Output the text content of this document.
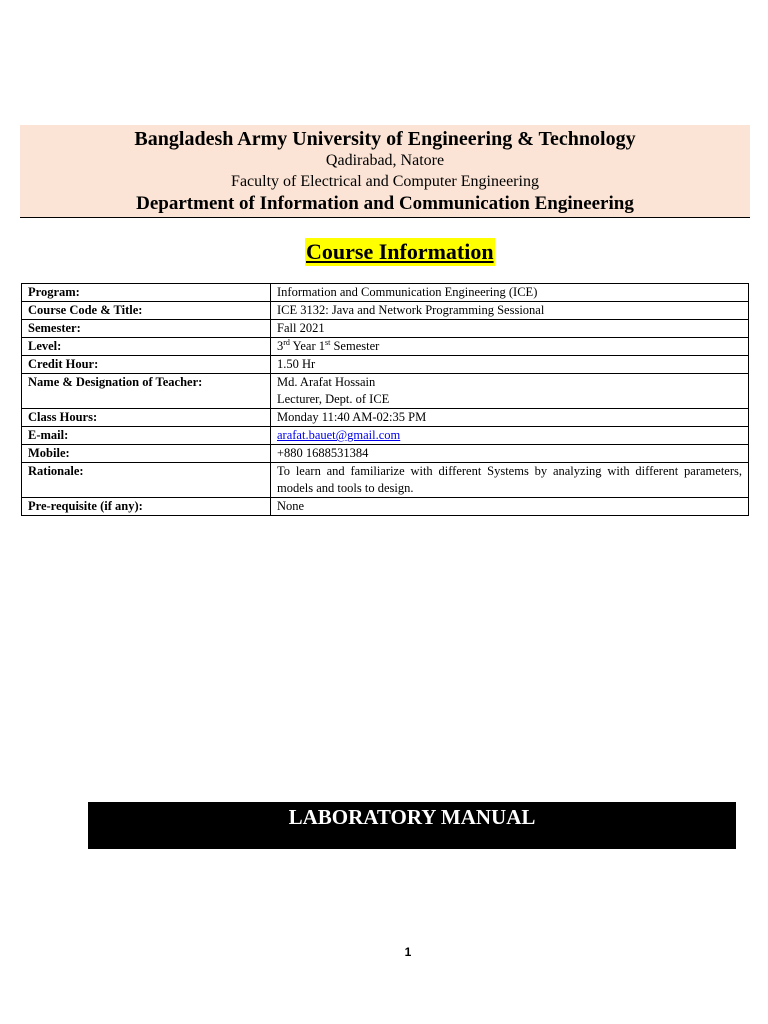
Bangladesh Army University of Engineering & Technology
Qadirabad, Natore
Faculty of Electrical and Computer Engineering
Department of Information and Communication Engineering
Course Information
Program:	Information and Communication Engineering (ICE)
Course Code & Title:	ICE 3132: Java and Network Programming Sessional
Semester:	Fall 2021
Level:	3rd Year 1st Semester
Credit Hour:	1.50 Hr
Name & Designation of Teacher:	Md. Arafat Hossain
Lecturer, Dept. of ICE

Class Hours:	Monday 11:40 AM-02:35 PM
E-mail:	arafat.bauet@gmail.com
Mobile:	+880 1688531384
Rationale:	To learn and familiarize with different Systems by analyzing with different parameters, models and tools to design.
Pre-requisite (if any):	None
LABORATORY MANUAL
1
